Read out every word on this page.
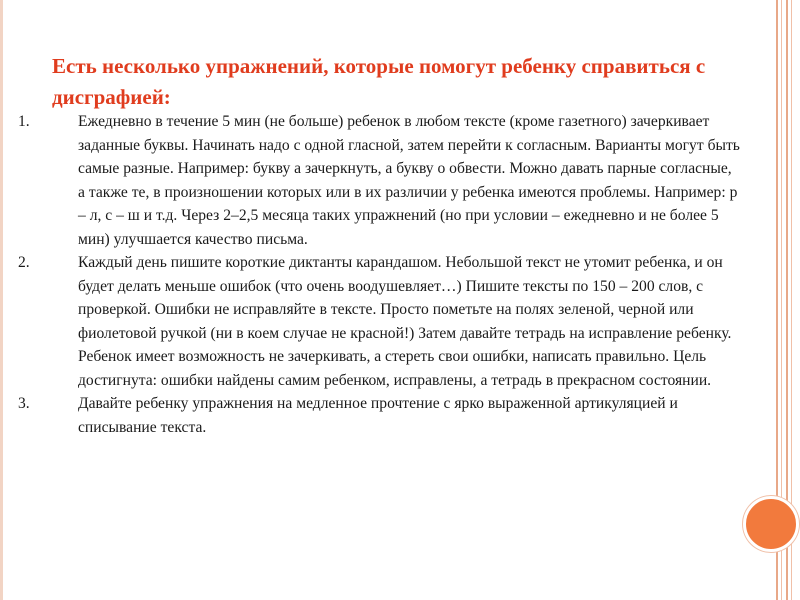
Есть несколько упражнений, которые помогут ребенку справиться с дисграфией:
1.	Ежедневно в течение 5 мин (не больше) ребенок в любом тексте (кроме газетного) зачеркивает заданные буквы. Начинать надо с одной гласной, затем перейти к согласным. Варианты могут быть самые разные. Например: букву а зачеркнуть, а букву о обвести. Можно давать парные согласные, а также те, в произношении которых или в их различии у ребенка имеются проблемы. Например: р – л, с – ш и т.д. Через 2–2,5 месяца таких упражнений (но при условии – ежедневно и не более 5 мин) улучшается качество письма.
2.	Каждый день пишите короткие диктанты карандашом. Небольшой текст не утомит ребенка, и он будет делать меньше ошибок (что очень воодушевляет…) Пишите тексты по 150 – 200 слов, с проверкой. Ошибки не исправляйте в тексте. Просто пометьте на полях зеленой, черной или фиолетовой ручкой (ни в коем случае не красной!) Затем давайте тетрадь на исправление ребенку. Ребенок имеет возможность не зачеркивать, а стереть свои ошибки, написать правильно. Цель достигнута: ошибки найдены самим ребенком, исправлены, а тетрадь в прекрасном состоянии.
3.	Давайте ребенку упражнения на медленное прочтение с ярко выраженной артикуляцией и списывание текста.
